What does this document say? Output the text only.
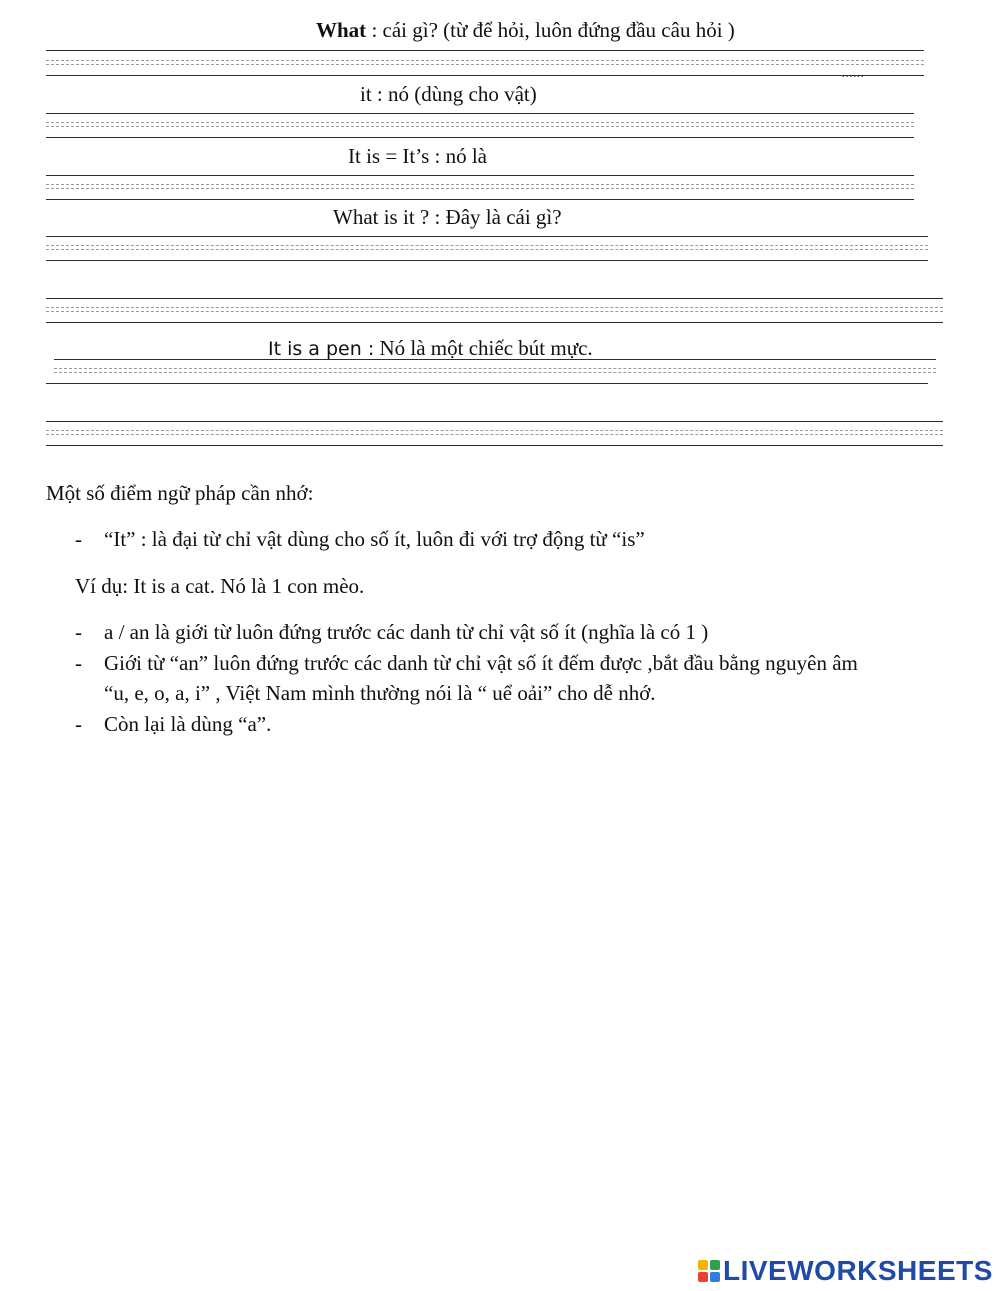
......
What : cái gì? (từ để hỏi, luôn đứng đầu câu hỏi )
it : nó (dùng cho vật)
It is = It’s : nó là
What is it ? : Đây là cái gì?
It is a pen : Nó là một chiếc bút mực.
Một số điểm ngữ pháp cần nhớ:
- “It” : là đại từ chỉ vật dùng cho số ít, luôn đi với trợ động từ “is”
Ví dụ: It is a cat. Nó là 1 con mèo.
- a / an là giới từ luôn đứng trước các danh từ chỉ vật số ít (nghĩa là có 1 )
- Giới từ “an” luôn đứng trước các danh từ chỉ vật số ít đếm được ,bắt đầu bằng nguyên âm
“u, e, o, a, i” , Việt Nam mình thường nói là “ uể oải” cho dễ nhớ.
- Còn lại là dùng “a”.
LIVEWORKSHEETS
